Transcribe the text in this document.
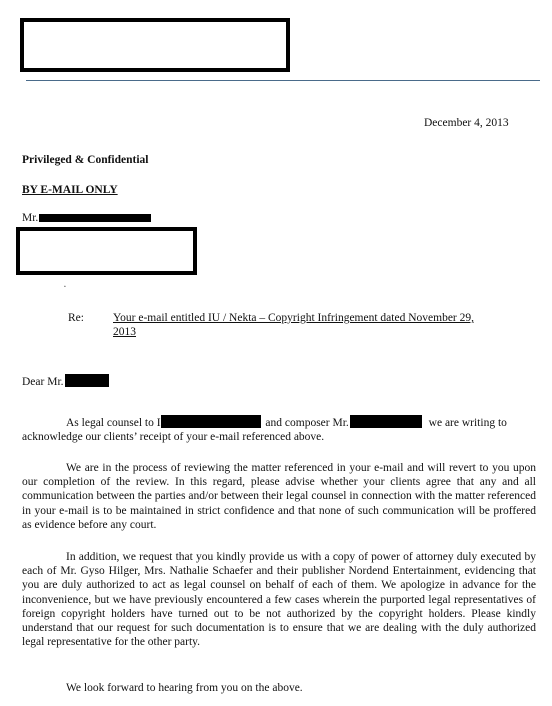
December 4, 2013
Privileged & Confidential
BY E-MAIL ONLY
Mr.
·
Re:	Your e-mail entitled IU / Nekta – Copyright Infringement dated November 29,
2013
Dear Mr.
As legal counsel to I	and composer Mr.	we are writing to
acknowledge our clients’ receipt of your e-mail referenced above.
We are in the process of reviewing the matter referenced in your e-mail and will revert to you upon our completion of the review. In this regard, please advise whether your clients agree that any and all communication between the parties and/or between their legal counsel in connection with the matter referenced in your e-mail is to be maintained in strict confidence and that none of such communication will be proffered as evidence before any court.
In addition, we request that you kindly provide us with a copy of power of attorney duly executed by each of Mr. Gyso Hilger, Mrs. Nathalie Schaefer and their publisher Nordend Entertainment, evidencing that you are duly authorized to act as legal counsel on behalf of each of them. We apologize in advance for the inconvenience, but we have previously encountered a few cases wherein the purported legal representatives of foreign copyright holders have turned out to be not authorized by the copyright holders. Please kindly understand that our request for such documentation is to ensure that we are dealing with the duly authorized legal representative for the other party.
We look forward to hearing from you on the above.
